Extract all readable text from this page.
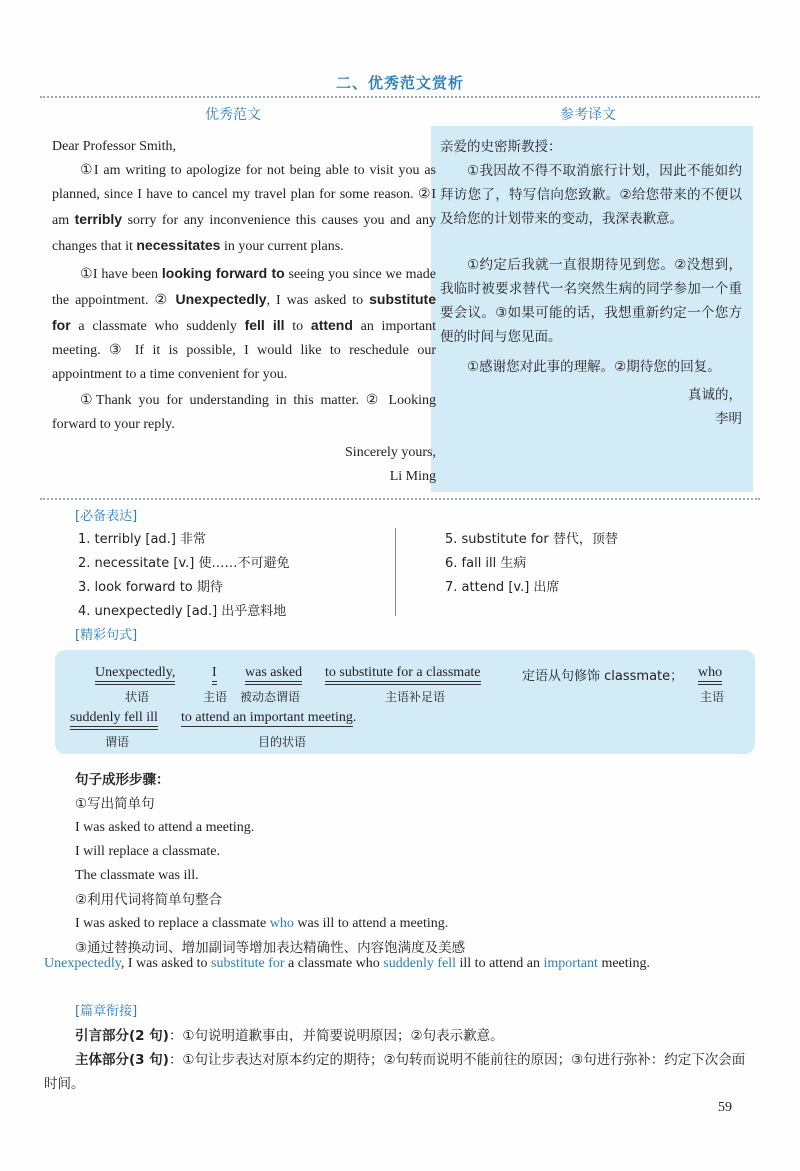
二、优秀范文赏析
优秀范文	参考译文

Dear Professor Smith,

①I am writing to apologize for not being able to visit you as planned, since I have to cancel my travel plan for some reason. ②I am terribly sorry for any inconvenience this causes you and any changes that it necessitates in your current plans.

①I have been looking forward to seeing you since we made the appointment. ② Unexpectedly, I was asked to substitute for a classmate who suddenly fell ill to attend an important meeting. ③ If it is possible, I would like to reschedule our appointment to a time convenient for you.

①Thank you for understanding in this matter. ② Looking forward to your reply.

Sincerely yours,

Li Ming

亲爱的史密斯教授：

①我因故不得不取消旅行计划，因此不能如约拜访您了，特写信向您致歉。②给您带来的不便以及给您的计划带来的变动，我深表歉意。

①约定后我就一直很期待见到您。②没想到，我临时被要求替代一名突然生病的同学参加一个重要会议。③如果可能的话，我想重新约定一个您方便的时间与您见面。

①感谢您对此事的理解。②期待您的回复。

真诚的，

李明

[必备表达]
1. terribly [ad.] 非常
2. necessitate [v.] 使……不可避免
3. look forward to 期待
4. unexpectedly [ad.] 出乎意料地
5. substitute for 替代，顶替
6. fall ill 生病
7. attend [v.] 出席
[精彩句式]
Unexpectedly,
状语
I
主语
was asked
被动态谓语
to substitute for a classmate
主语补足语
定语从句修饰 classmate； who
主语
suddenly fell ill
谓语
to attend an important meeting.
目的状语
句子成形步骤：
①写出简单句
I was asked to attend a meeting.
I will replace a classmate.
The classmate was ill.
②利用代词将简单句整合
I was asked to replace a classmate who was ill to attend a meeting.
③通过替换动词、增加副词等增加表达精确性、内容饱满度及美感
Unexpectedly, I was asked to substitute for a classmate who suddenly fell ill to attend an important meeting.
[篇章衔接]
引言部分(2 句)：①句说明道歉事由，并简要说明原因；②句表示歉意。
主体部分(3 句)：①句让步表达对原本约定的期待；②句转而说明不能前往的原因；③句进行弥补：约定下次会面时间。
59
